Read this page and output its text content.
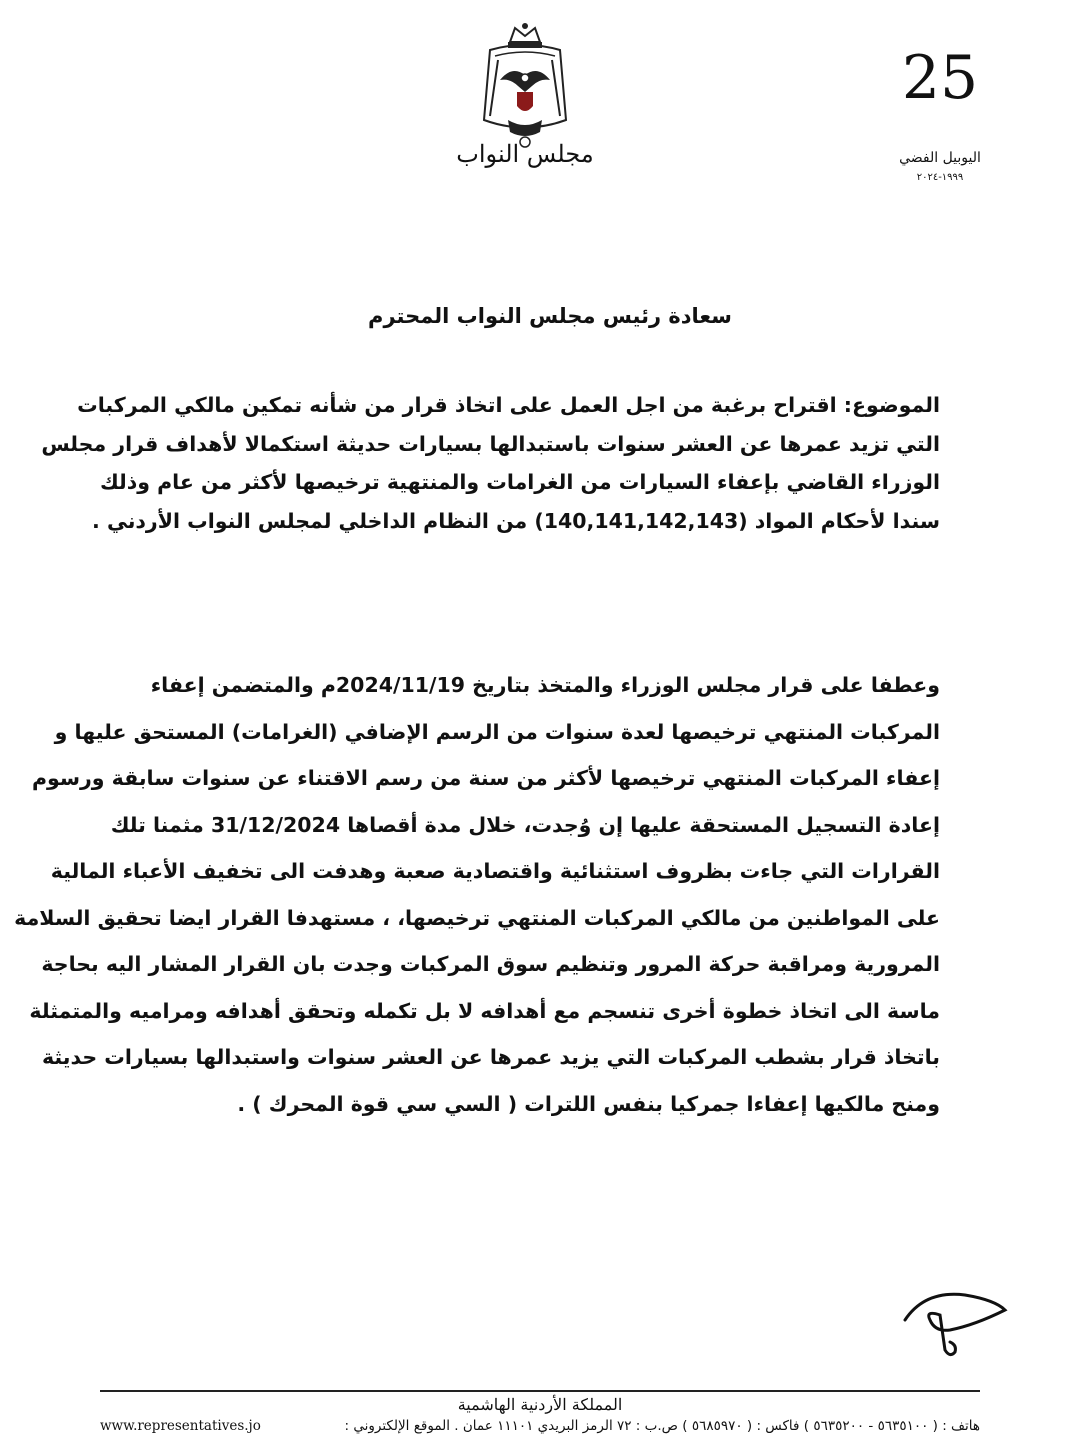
مجلس النواب
25
اليوبيل الفضي
١٩٩٩-٢٠٢٤
سعادة رئيس مجلس النواب المحترم
الموضوع: اقتراح برغبة من اجل العمل على اتخاذ قرار من شأنه تمكين مالكي المركبات
التي تزيد عمرها عن العشر سنوات باستبدالها بسيارات حديثة استكمالا لأهداف قرار مجلس
الوزراء القاضي بإعفاء السيارات من الغرامات والمنتهية ترخيصها لأكثر من عام وذلك
سندا لأحكام المواد (140,141,142,143) من النظام الداخلي لمجلس النواب الأردني .
وعطفا على قرار مجلس الوزراء والمتخذ بتاريخ 2024/11/19م والمتضمن إعفاء
المركبات المنتهي ترخيصها لعدة سنوات من الرسم الإضافي (الغرامات) المستحق عليها و
إعفاء المركبات المنتهي ترخيصها لأكثر من سنة من رسم الاقتناء عن سنوات سابقة ورسوم
إعادة التسجيل المستحقة عليها إن وُجدت، خلال مدة أقصاها 31/12/2024 مثمنا تلك
القرارات التي جاءت بظروف استثنائية واقتصادية صعبة وهدفت الى تخفيف الأعباء المالية
على المواطنين من مالكي المركبات المنتهي ترخيصها، ، مستهدفا القرار ايضا تحقيق السلامة
المرورية ومراقبة حركة المرور وتنظيم سوق المركبات وجدت بان القرار المشار اليه بحاجة
ماسة الى اتخاذ خطوة أخرى تنسجم مع أهدافه لا بل تكمله وتحقق أهدافه ومراميه والمتمثلة
باتخاذ قرار بشطب المركبات التي يزيد عمرها عن العشر سنوات واستبدالها بسيارات حديثة
ومنح مالكيها إعفاءا جمركيا بنفس اللترات ( السي سي قوة المحرك ) .
المملكة الأردنية الهاشمية
هاتف : ( ٥٦٣٥١٠٠ - ٥٦٣٥٢٠٠ ) فاكس : ( ٥٦٨٥٩٧٠ ) ص.ب : ٧٢ الرمز البريدي ١١١٠١ عمان . الموقع الإلكتروني :
www.representatives.jo
